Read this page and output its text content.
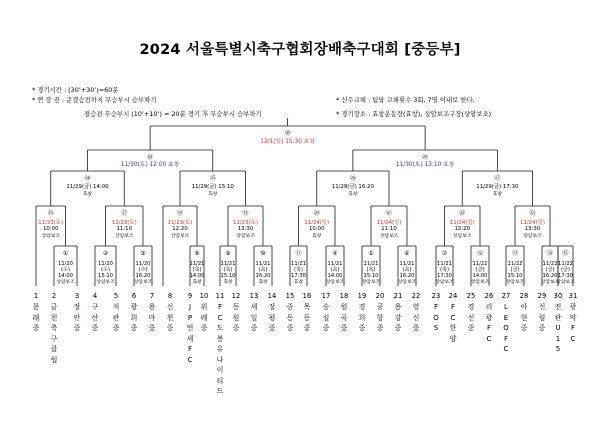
2024 서울특별시축구협회장배축구대회 [중등부]
* 경기시간 : (30’+30’)=60분
* 연 장 전 : 준결승전까지 무승부시 승부차기
결승전 무승부시 (10’+10’) = 20분 경기 후 무승부시 승부차기
* 선수교체 : 팀당 교체횟수 3회, 7명 이내로 한다.
* 경기장소 : 효창운동장(효창), 상암보조구장(상암보조)
①
11/20
(수)
14:00
상암보조
②
11/20
(수)
15:10
상암보조
③
11/20
(수)
16:20
상암보조
⑧
11/21
(목)
14:00
효창
⑨
11/21
(목)
15:10
효창
⑩
11/21
(목)
16:20
효창
⑪
11/21
(목)
17:30
효창
④
11/21
(목)
14:00
상암보조
⑤
11/21
(목)
15:10
상암보조
⑥
11/21
(목)
16:20
상암보조
⑦
11/21
(목)
17:30
상암보조
⑫
11/22
(금)
14:00
상암보조
⑬
11/22
(금)
15:10
상암보조
⑭
11/22
(금)
16:20
상암보조
⑮
11/22
(금)
17:30
상암보조
⑯
11/23(토)
10:00
상암보조
⑰
11/23(토)
11:10
상암보조
⑱
11/23(토)
12:20
상암보조
⑲
11/23(토)
13:30
상암보조
⑳
11/24(일)
10:00
효창
㉑
11/24(일)
11:10
상암보조
㉒
11/24(일)
12:20
상암보조
㉓
11/24(일)
13:30
상암보조
㉔
11/29(금) 14:00
효창
㉕
11/29(금) 15:10
효창
㉖
11/29(금) 16:20
효창
㉗
11/29(금) 17:30
효창
㉘
11/30(토) 12:00 효창
㉙
11/30(토) 13:10 효창
㉚
12/1(일) 15:30 효창
1
문
래
중
2
금
천
축
구
클
럽
3
장
안
중
4
구
산
중
5
석
관
중
6
광
희
중
7
용
마
중
8
신
천
중
9
J
P
연
세
F
C
10
위
례
중
11
F
C
도
봉
유
나
이
티
드
12
동
원
중
13
세
일
중
14
장
평
중
15
중
동
중
16
목
동
중
17
숭
실
중
18
원
곡
중
19
경
희
중
20
공
항
중
21
용
강
중
22
영
신
중
23
F
O
S
24
F
C
한
양
25
경
신
중
26
리
광
F
C
27
L
E
O
F
C
28
아
현
중
29
신
림
중
30
진
관
U
1
5
31
광
약
F
C
